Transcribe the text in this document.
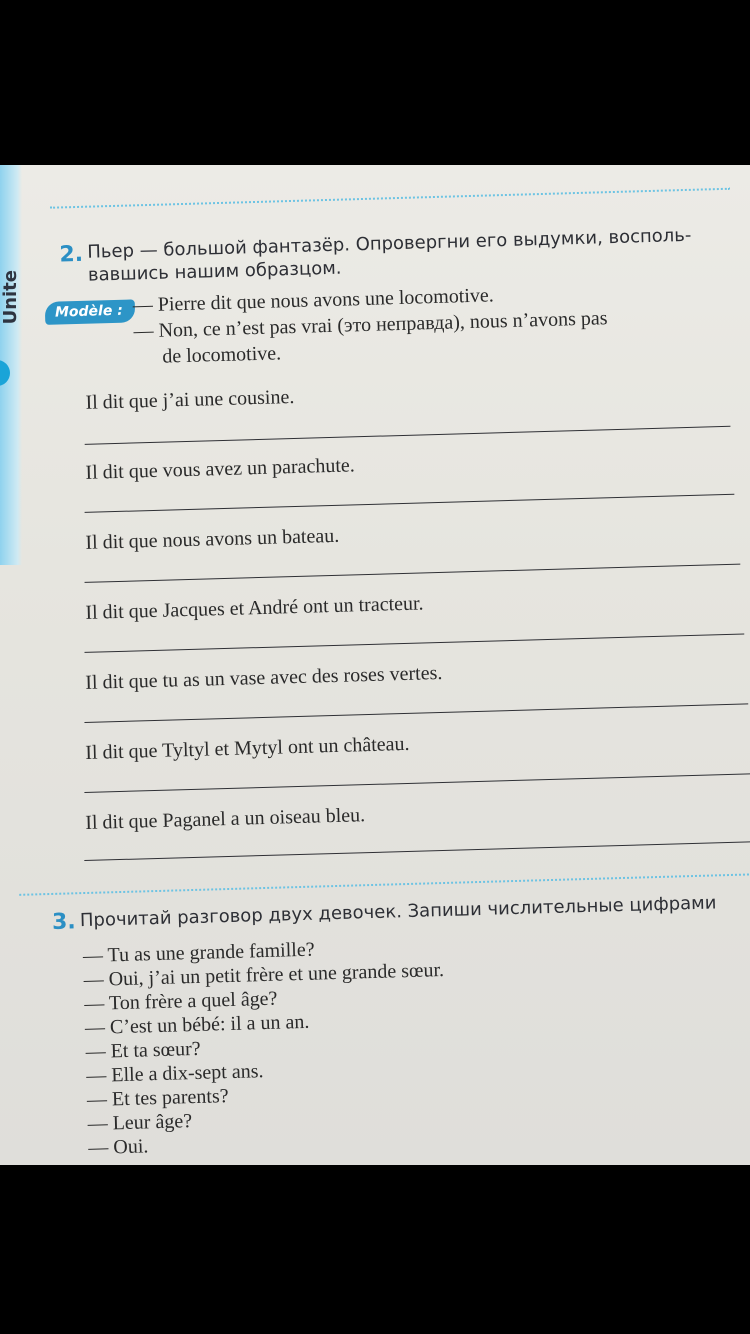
Unite
2. Пьер — большой фантазёр. Опровергни его выдумки, восполь-
вавшись нашим образцом.
Modèle : — Pierre dit que nous avons une locomotive.
— Non, ce n’est pas vrai (это неправда), nous n’avons pas
de locomotive.
Il dit que j’ai une cousine.
Il dit que vous avez un parachute.
Il dit que nous avons un bateau.
Il dit que Jacques et André ont un tracteur.
Il dit que tu as un vase avec des roses vertes.
Il dit que Tyltyl et Mytyl ont un château.
Il dit que Paganel a un oiseau bleu.
3. Прочитай разговор двух девочек. Запиши числительные цифрами
— Tu as une grande famille?
— Oui, j’ai un petit frère et une grande sœur.
— Ton frère a quel âge?
— C’est un bébé: il a un an.
— Et ta sœur?
— Elle a dix-sept ans.
— Et tes parents?
— Leur âge?
— Oui.
